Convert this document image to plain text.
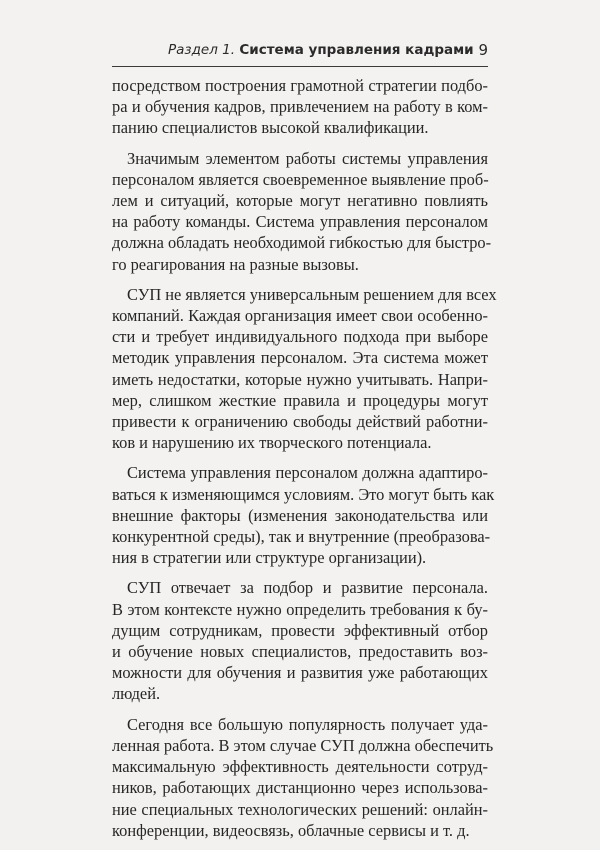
Раздел 1. Система управления кадрами 9
посредством построения грамотной стратегии подбо-
ра и обучения кадров, привлечением на работу в ком-
панию специалистов высокой квалификации.
Значимым элементом работы системы управления
персоналом является своевременное выявление проб-
лем и ситуаций, которые могут негативно повлиять
на работу команды. Система управления персоналом
должна обладать необходимой гибкостью для быстро-
го реагирования на разные вызовы.
СУП не является универсальным решением для всех
компаний. Каждая организация имеет свои особенно-
сти и требует индивидуального подхода при выборе
методик управления персоналом. Эта система может
иметь недостатки, которые нужно учитывать. Напри-
мер, слишком жесткие правила и процедуры могут
привести к ограничению свободы действий работни-
ков и нарушению их творческого потенциала.
Система управления персоналом должна адаптиро-
ваться к изменяющимся условиям. Это могут быть как
внешние факторы (изменения законодательства или
конкурентной среды), так и внутренние (преобразова-
ния в стратегии или структуре организации).
СУП отвечает за подбор и развитие персонала.
В этом контексте нужно определить требования к бу-
дущим сотрудникам, провести эффективный отбор
и обучение новых специалистов, предоставить воз-
можности для обучения и развития уже работающих
людей.
Сегодня все большую популярность получает уда-
ленная работа. В этом случае СУП должна обеспечить
максимальную эффективность деятельности сотруд-
ников, работающих дистанционно через использова-
ние специальных технологических решений: онлайн-
конференции, видеосвязь, облачные сервисы и т. д.
